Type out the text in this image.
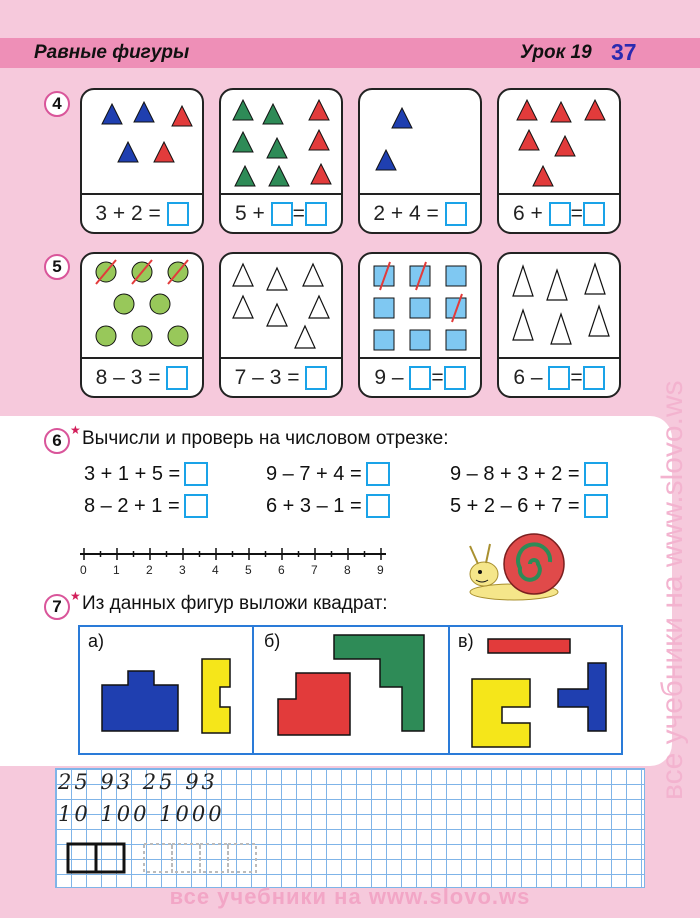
Равные фигуры	Урок 19 37
4
3 + 2 =
	5 +
=	2 + 4 =
	6 +
=
5
8 – 3 =
	7 – 3 =
	9 –
=	6 –
=
6
★ Вычисли и проверь на числовом отрезке:
3 + 1 + 5 =	9 – 7 + 4 =	9 – 8 + 3 + 2 =
8 – 2 + 1 =	6 + 3 – 1 =	5 + 2 – 6 + 7 =
0 1 2 3 4 5 6 7 8 9
7
★ Из данных фигур выложи квадрат:
а)	б)	в)
25 93 25 93
10 100 1000
все учебники на www.slovo.ws
все учебники на www.slovo.ws
